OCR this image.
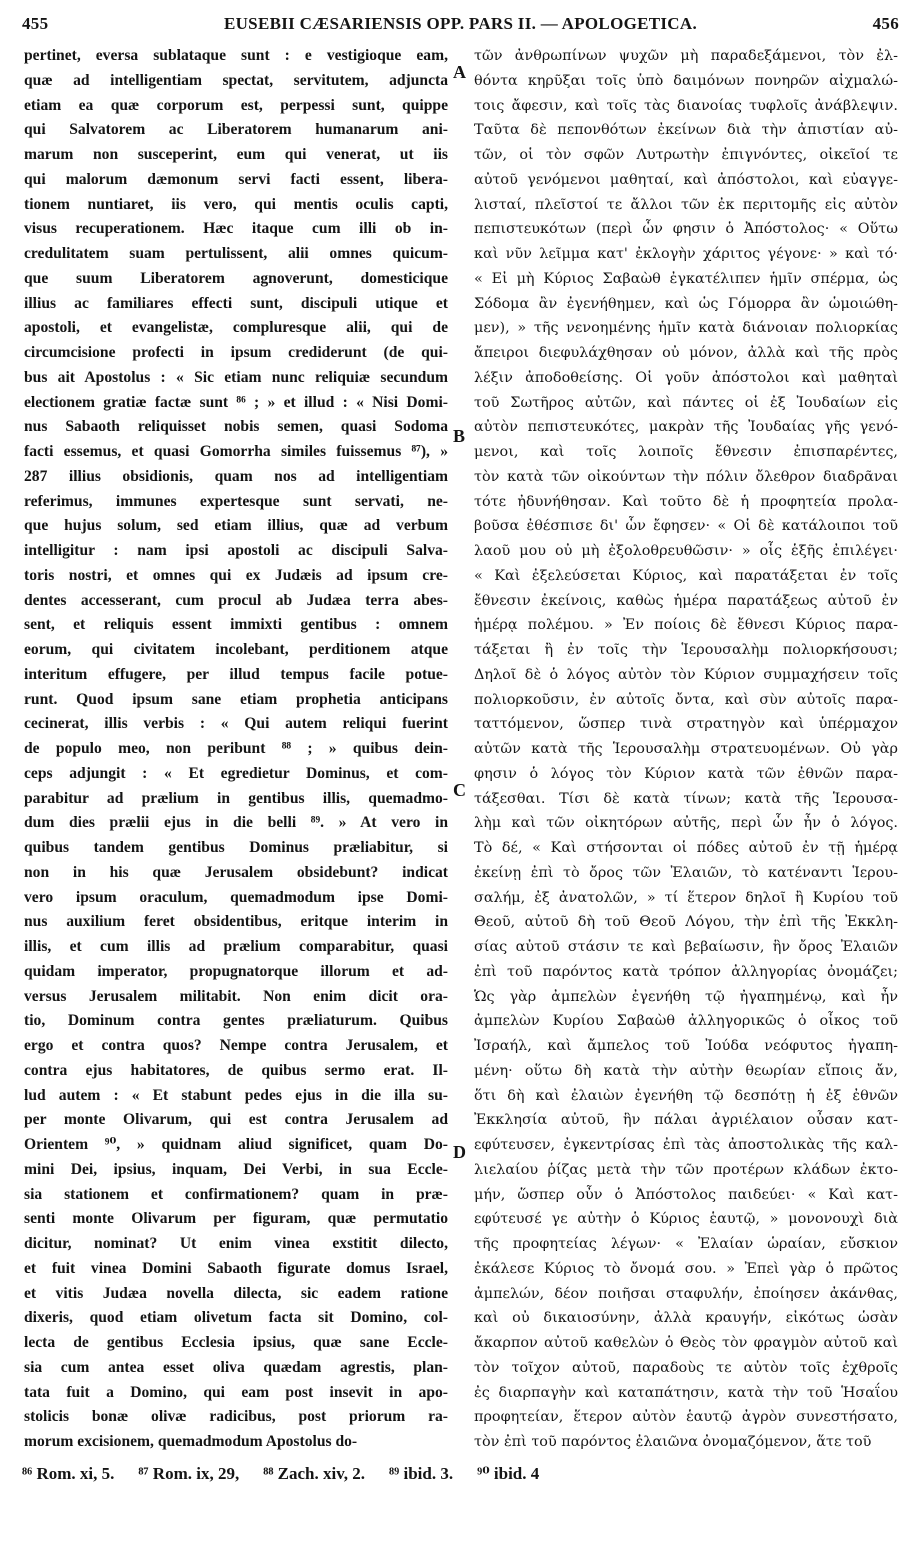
455	EUSEBII CÆSARIENSIS OPP. PARS II. — APOLOGETICA.	456
pertinet, eversa sublataque sunt : e vestigioque eam,
quæ ad intelligentiam spectat, servitutem, adjuncta
etiam ea quæ corporum est, perpessi sunt, quippe
qui Salvatorem ac Liberatorem humanarum ani-
marum non susceperint, eum qui venerat, ut iis
qui malorum dæmonum servi facti essent, libera-
tionem nuntiaret, iis vero, qui mentis oculis capti,
visus recuperationem. Hæc itaque cum illi ob in-
credulitatem suam pertulissent, alii omnes quicum-
que suum Liberatorem agnoverunt, domesticique
illius ac familiares effecti sunt, discipuli utique et
apostoli, et evangelistæ, compluresque alii, qui de
circumcisione profecti in ipsum crediderunt (de qui-
bus ait Apostolus : « Sic etiam nunc reliquiæ secundum
electionem gratiæ factæ sunt ⁸⁶ ; » et illud : « Nisi Domi-
nus Sabaoth reliquisset nobis semen, quasi Sodoma
facti essemus, et quasi Gomorrha similes fuissemus ⁸⁷), »
287 illius obsidionis, quam nos ad intelligentiam
referimus, immunes expertesque sunt servati, ne-
que hujus solum, sed etiam illius, quæ ad verbum
intelligitur : nam ipsi apostoli ac discipuli Salva-
toris nostri, et omnes qui ex Judæis ad ipsum cre-
dentes accesserant, cum procul ab Judæa terra abes-
sent, et reliquis essent immixti gentibus : omnem
eorum, qui civitatem incolebant, perditionem atque
interitum effugere, per illud tempus facile potue-
runt. Quod ipsum sane etiam prophetia anticipans
cecinerat, illis verbis : « Qui autem reliqui fuerint
de populo meo, non peribunt ⁸⁸ ; » quibus dein-
ceps adjungit : « Et egredietur Dominus, et com-
parabitur ad prælium in gentibus illis, quemadmo-
dum dies prælii ejus in die belli ⁸⁹. » At vero in
quibus tandem gentibus Dominus præliabitur, si
non in his quæ Jerusalem obsidebunt? indicat
vero ipsum oraculum, quemadmodum ipse Domi-
nus auxilium feret obsidentibus, eritque interim in
illis, et cum illis ad prælium comparabitur, quasi
quidam imperator, propugnatorque illorum et ad-
versus Jerusalem militabit. Non enim dicit ora-
tio, Dominum contra gentes præliaturum. Quibus
ergo et contra quos? Nempe contra Jerusalem, et
contra ejus habitatores, de quibus sermo erat. Il-
lud autem : « Et stabunt pedes ejus in die illa su-
per monte Olivarum, qui est contra Jerusalem ad
Orientem ⁹⁰, » quidnam aliud significet, quam Do-
mini Dei, ipsius, inquam, Dei Verbi, in sua Eccle-
sia stationem et confirmationem? quam in præ-
senti monte Olivarum per figuram, quæ permutatio
dicitur, nominat? Ut enim vinea exstitit dilecto,
et fuit vinea Domini Sabaoth figurate domus Israel,
et vitis Judæa novella dilecta, sic eadem ratione
dixeris, quod etiam olivetum facta sit Domino, col-
lecta de gentibus Ecclesia ipsius, quæ sane Eccle-
sia cum antea esset oliva quædam agrestis, plan-
tata fuit a Domino, qui eam post insevit in apo-
stolicis bonæ olivæ radicibus, post priorum ra-
morum excisionem, quemadmodum Apostolus do-
τῶν ἀνθρωπίνων ψυχῶν μὴ παραδεξάμενοι, τὸν ἐλ-
θόντα κηρῦξαι τοῖς ὑπὸ δαιμόνων πονηρῶν αἰχμαλώ-
τοις ἄφεσιν, καὶ τοῖς τὰς διανοίας τυφλοῖς ἀνάβλεψιν.
Ταῦτα δὲ πεπονθότων ἐκείνων διὰ τὴν ἀπιστίαν αὐ-
τῶν, οἱ τὸν σφῶν Λυτρωτὴν ἐπιγνόντες, οἰκεῖοί τε
αὐτοῦ γενόμενοι μαθηταί, καὶ ἀπόστολοι, καὶ εὐαγγε-
λισταί, πλεῖστοί τε ἄλλοι τῶν ἐκ περιτομῆς εἰς αὐτὸν
πεπιστευκότων (περὶ ὧν φησιν ὁ Ἀπόστολος· « Οὕτω
καὶ νῦν λεῖμμα κατ' ἐκλογὴν χάριτος γέγονε· » καὶ τό·
« Εἰ μὴ Κύριος Σαβαὼθ ἐγκατέλιπεν ἡμῖν σπέρμα, ὡς
Σόδομα ἂν ἐγενήθημεν, καὶ ὡς Γόμορρα ἂν ὡμοιώθη-
μεν), » τῆς νενοημένης ἡμῖν κατὰ διάνοιαν πολιορκίας
ἄπειροι διεφυλάχθησαν οὐ μόνον, ἀλλὰ καὶ τῆς πρὸς
λέξιν ἀποδοθείσης. Οἱ γοῦν ἀπόστολοι καὶ μαθηταὶ
τοῦ Σωτῆρος αὐτῶν, καὶ πάντες οἱ ἐξ Ἰουδαίων εἰς
αὐτὸν πεπιστευκότες, μακρὰν τῆς Ἰουδαίας γῆς γενό-
μενοι, καὶ τοῖς λοιποῖς ἔθνεσιν ἐπισπαρέντες,
τὸν κατὰ τῶν οἰκούντων τὴν πόλιν ὄλεθρον διαδρᾶναι
τότε ἠδυνήθησαν. Καὶ τοῦτο δὲ ἡ προφητεία προλα-
βοῦσα ἐθέσπισε δι' ὧν ἔφησεν· « Οἱ δὲ κατάλοιποι τοῦ
λαοῦ μου οὐ μὴ ἐξολοθρευθῶσιν· » οἷς ἑξῆς ἐπιλέγει·
« Καὶ ἐξελεύσεται Κύριος, καὶ παρατάξεται ἐν τοῖς
ἔθνεσιν ἐκείνοις, καθὼς ἡμέρα παρατάξεως αὐτοῦ ἐν
ἡμέρᾳ πολέμου. » Ἐν ποίοις δὲ ἔθνεσι Κύριος παρα-
τάξεται ἢ ἐν τοῖς τὴν Ἱερουσαλὴμ πολιορκήσουσι;
Δηλοῖ δὲ ὁ λόγος αὐτὸν τὸν Κύριον συμμαχήσειν τοῖς
πολιορκοῦσιν, ἐν αὐτοῖς ὄντα, καὶ σὺν αὐτοῖς παρα-
ταττόμενον, ὥσπερ τινὰ στρατηγὸν καὶ ὑπέρμαχον
αὐτῶν κατὰ τῆς Ἱερουσαλὴμ στρατευομένων. Οὐ γὰρ
φησιν ὁ λόγος τὸν Κύριον κατὰ τῶν ἐθνῶν παρα-
τάξεσθαι. Τίσι δὲ κατὰ τίνων; κατὰ τῆς Ἱερουσα-
λὴμ καὶ τῶν οἰκητόρων αὐτῆς, περὶ ὧν ἦν ὁ λόγος.
Τὸ δέ, « Καὶ στήσονται οἱ πόδες αὐτοῦ ἐν τῇ ἡμέρᾳ
ἐκείνῃ ἐπὶ τὸ ὄρος τῶν Ἐλαιῶν, τὸ κατέναντι Ἱερου-
σαλήμ, ἐξ ἀνατολῶν, » τί ἕτερον δηλοῖ ἢ Κυρίου τοῦ
Θεοῦ, αὐτοῦ δὴ τοῦ Θεοῦ Λόγου, τὴν ἐπὶ τῆς Ἐκκλη-
σίας αὐτοῦ στάσιν τε καὶ βεβαίωσιν, ἣν ὄρος Ἐλαιῶν
ἐπὶ τοῦ παρόντος κατὰ τρόπον ἀλληγορίας ὀνομάζει;
Ὡς γὰρ ἀμπελὼν ἐγενήθη τῷ ἠγαπημένῳ, καὶ ἦν
ἀμπελὼν Κυρίου Σαβαὼθ ἀλληγορικῶς ὁ οἶκος τοῦ
Ἰσραήλ, καὶ ἄμπελος τοῦ Ἰούδα νεόφυτος ἠγαπη-
μένη· οὕτω δὴ κατὰ τὴν αὐτὴν θεωρίαν εἴποις ἄν,
ὅτι δὴ καὶ ἐλαιὼν ἐγενήθη τῷ δεσπότῃ ἡ ἐξ ἐθνῶν
Ἐκκλησία αὐτοῦ, ἣν πάλαι ἀγριέλαιον οὖσαν κατ-
εφύτευσεν, ἐγκεντρίσας ἐπὶ τὰς ἀποστολικὰς τῆς καλ-
λιελαίου ῥίζας μετὰ τὴν τῶν προτέρων κλάδων ἐκτο-
μήν, ὥσπερ οὖν ὁ Ἀπόστολος παιδεύει· « Καὶ κατ-
εφύτευσέ γε αὐτὴν ὁ Κύριος ἑαυτῷ, » μονονουχὶ διὰ
τῆς προφητείας λέγων· « Ἐλαίαν ὡραίαν, εὔσκιον
ἐκάλεσε Κύριος τὸ ὄνομά σου. » Ἐπεὶ γὰρ ὁ πρῶτος
ἀμπελών, δέον ποιῆσαι σταφυλήν, ἐποίησεν ἀκάνθας,
καὶ οὐ δικαιοσύνην, ἀλλὰ κραυγήν, εἰκότως ὡσὰν
ἄκαρπον αὐτοῦ καθελὼν ὁ Θεὸς τὸν φραγμὸν αὐτοῦ καὶ
τὸν τοῖχον αὐτοῦ, παραδοὺς τε αὐτὸν τοῖς ἐχθροῖς
ἐς διαρπαγὴν καὶ καταπάτησιν, κατὰ τὴν τοῦ Ἡσαΐου
προφητείαν, ἕτερον αὐτὸν ἑαυτῷ ἀγρὸν συνεστήσατο,
τὸν ἐπὶ τοῦ παρόντος ἐλαιῶνα ὀνομαζόμενον, ἅτε τοῦ
A
B
C
D
⁸⁶ Rom. xi, 5. ⁸⁷ Rom. ix, 29, ⁸⁸ Zach. xiv, 2. ⁸⁹ ibid. 3. ⁹⁰ ibid. 4
